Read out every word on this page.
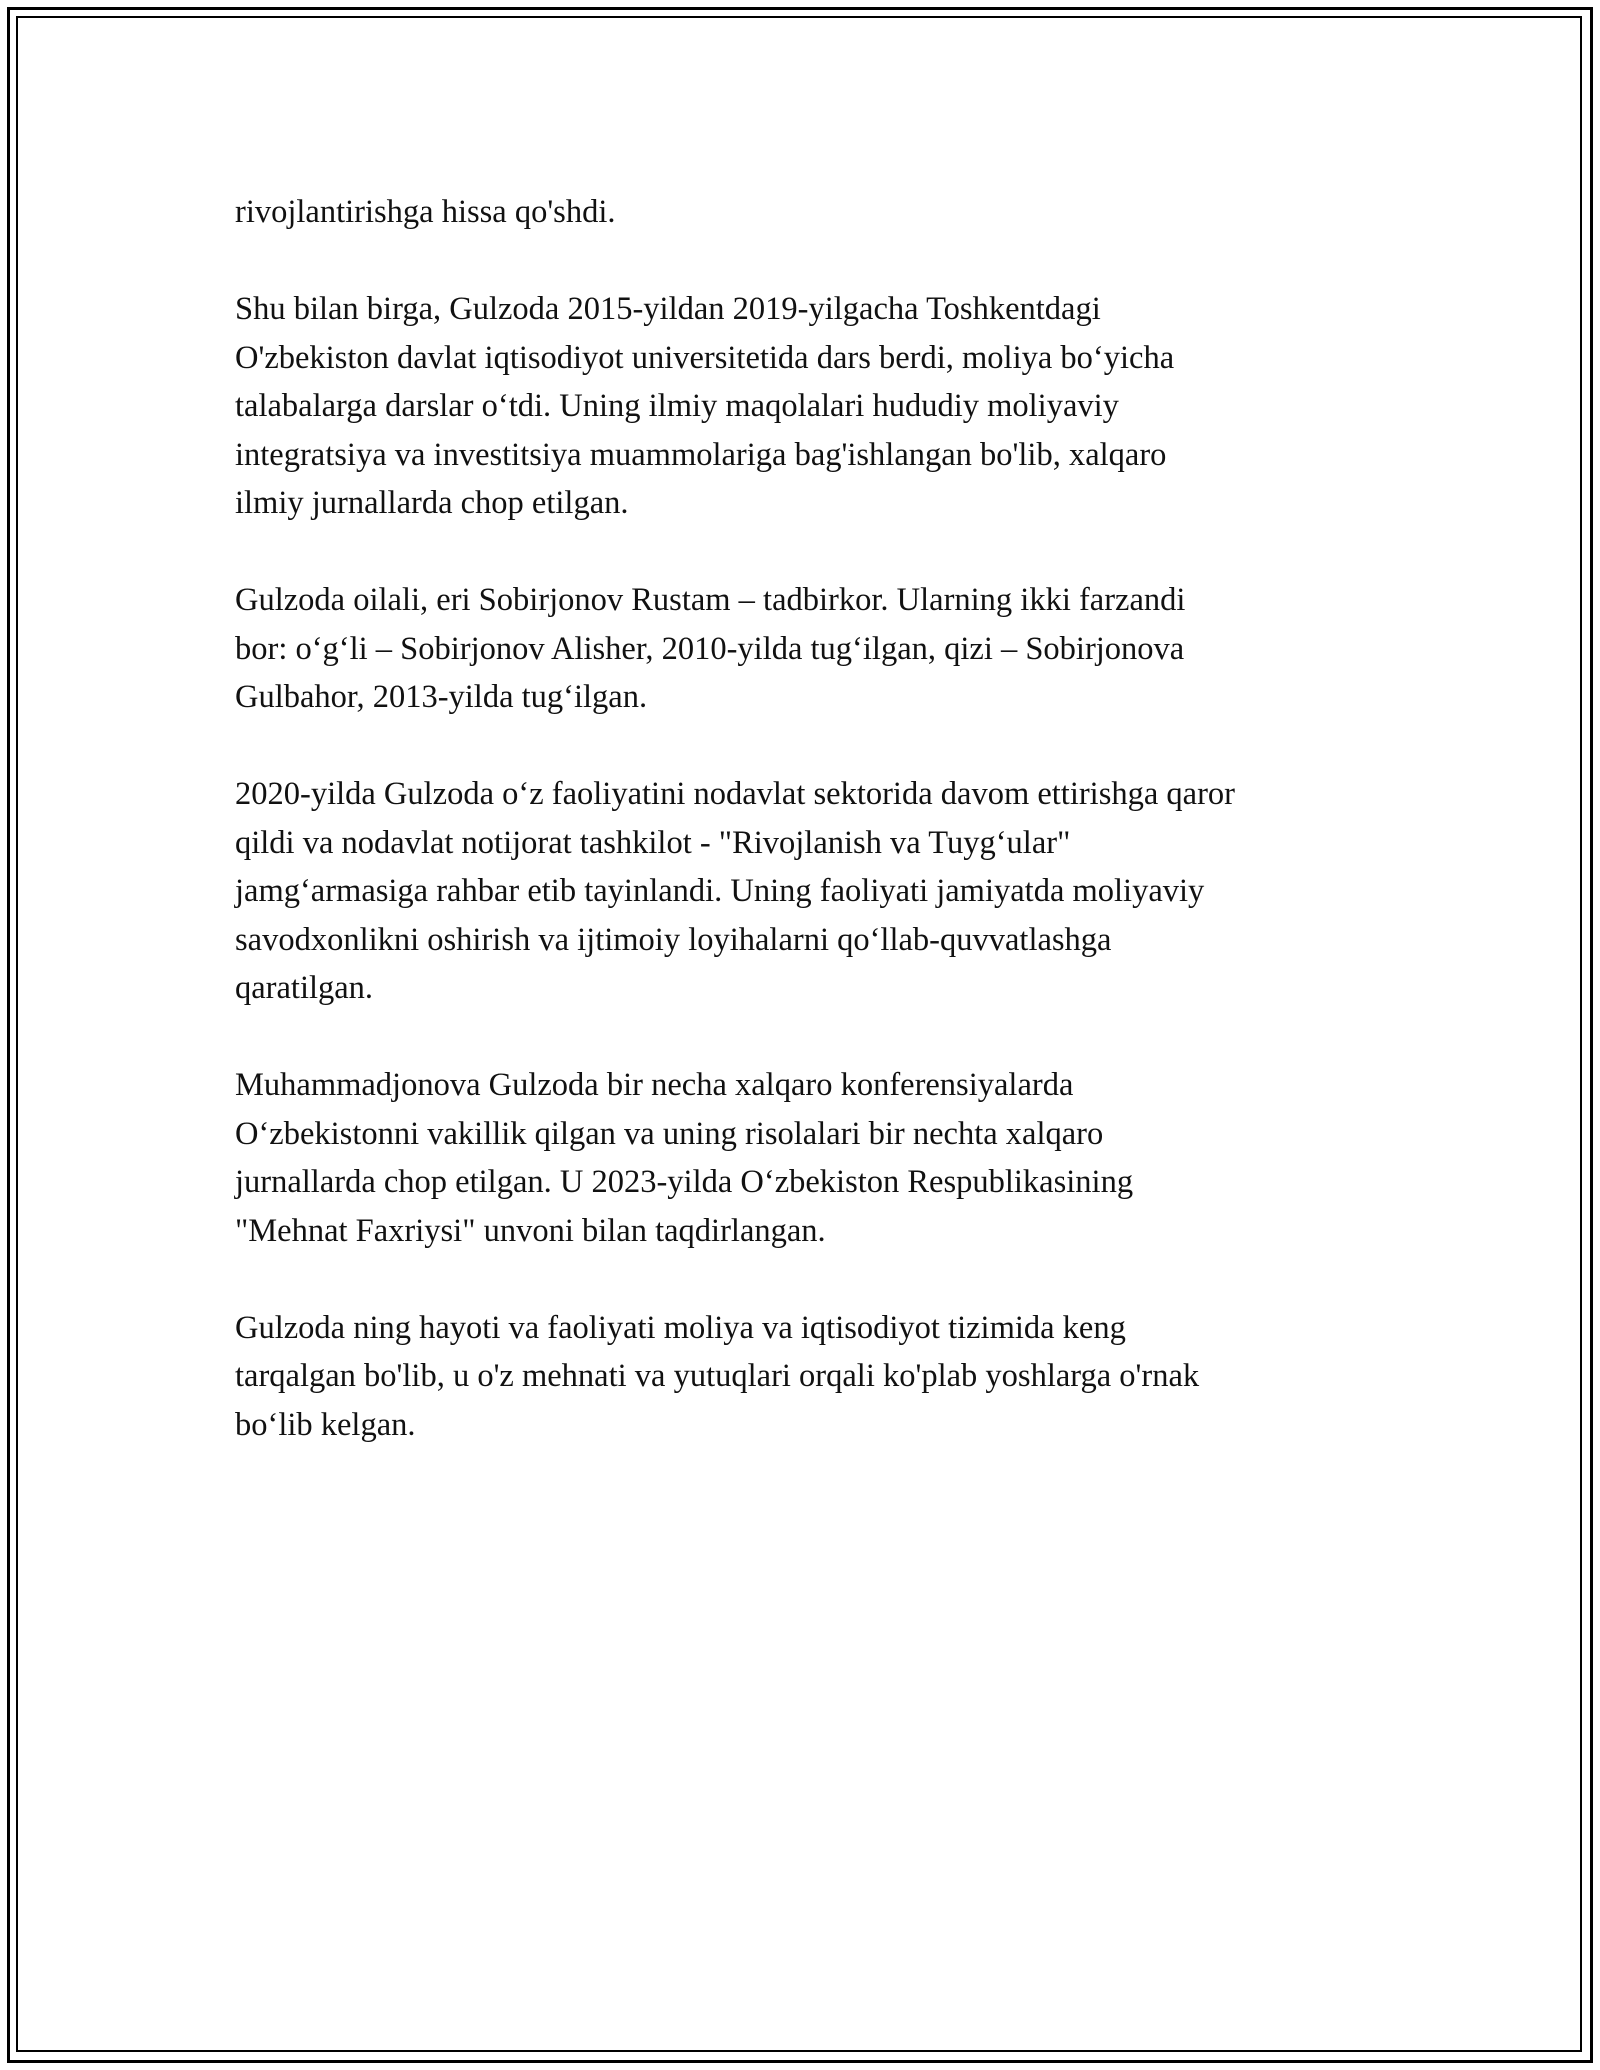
rivojlantirishga hissa qo'shdi.

Shu bilan birga, Gulzoda 2015-yildan 2019-yilgacha Toshkentdagi
O'zbekiston davlat iqtisodiyot universitetida dars berdi, moliya bo‘yicha
talabalarga darslar o‘tdi. Uning ilmiy maqolalari hududiy moliyaviy
integratsiya va investitsiya muammolariga bag'ishlangan bo'lib, xalqaro
ilmiy jurnallarda chop etilgan.

Gulzoda oilali, eri Sobirjonov Rustam – tadbirkor. Ularning ikki farzandi
bor: o‘g‘li – Sobirjonov Alisher, 2010-yilda tug‘ilgan, qizi – Sobirjonova
Gulbahor, 2013-yilda tug‘ilgan.

2020-yilda Gulzoda o‘z faoliyatini nodavlat sektorida davom ettirishga qaror
qildi va nodavlat notijorat tashkilot - "Rivojlanish va Tuyg‘ular"
jamg‘armasiga rahbar etib tayinlandi. Uning faoliyati jamiyatda moliyaviy
savodxonlikni oshirish va ijtimoiy loyihalarni qo‘llab-quvvatlashga
qaratilgan.

Muhammadjonova Gulzoda bir necha xalqaro konferensiyalarda
O‘zbekistonni vakillik qilgan va uning risolalari bir nechta xalqaro
jurnallarda chop etilgan. U 2023-yilda O‘zbekiston Respublikasining
"Mehnat Faxriysi" unvoni bilan taqdirlangan.

Gulzoda ning hayoti va faoliyati moliya va iqtisodiyot tizimida keng
tarqalgan bo'lib, u o'z mehnati va yutuqlari orqali ko'plab yoshlarga o'rnak
bo‘lib kelgan.
